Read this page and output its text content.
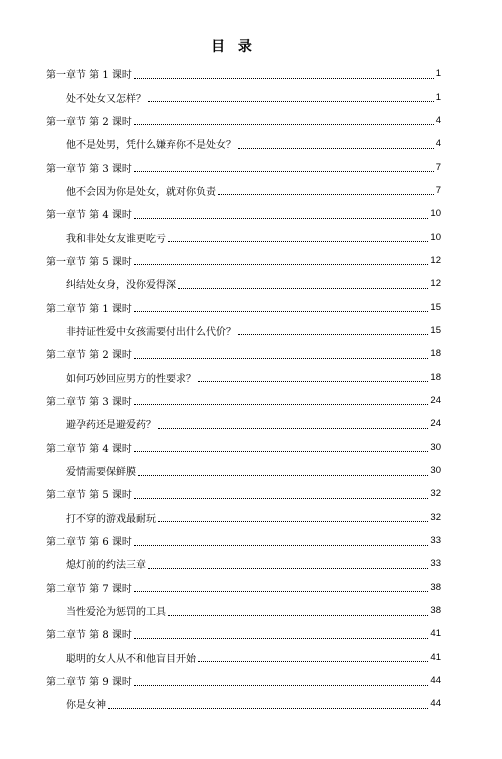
目 录
第一章节 第 1 课时	1
处不处女又怎样？	1
第一章节 第 2 课时	4
他不是处男，凭什么嫌弃你不是处女？	4
第一章节 第 3 课时	7
他不会因为你是处女，就对你负责	7
第一章节 第 4 课时	10
我和非处女友谁更吃亏	10
第一章节 第 5 课时	12
纠结处女身，没你爱得深	12
第二章节 第 1 课时	15
非持证性爱中女孩需要付出什么代价？	15
第二章节 第 2 课时	18
如何巧妙回应男方的性要求？	18
第二章节 第 3 课时	24
避孕药还是避爱药？	24
第二章节 第 4 课时	30
爱情需要保鲜膜	30
第二章节 第 5 课时	32
打不穿的游戏最耐玩	32
第二章节 第 6 课时	33
熄灯前的约法三章	33
第二章节 第 7 课时	38
当性爱沦为惩罚的工具	38
第二章节 第 8 课时	41
聪明的女人从不和他盲目开始	41
第二章节 第 9 课时	44
你是女神	44
